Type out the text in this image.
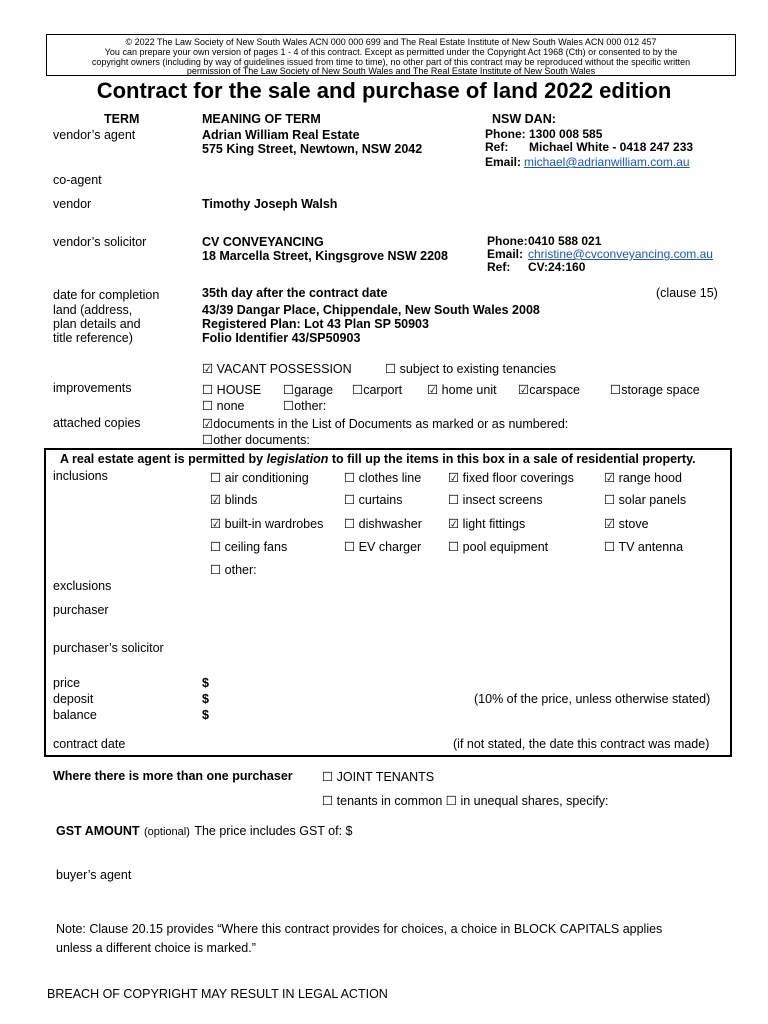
© 2022 The Law Society of New South Wales ACN 000 000 699 and The Real Estate Institute of New South Wales ACN 000 012 457
You can prepare your own version of pages 1 - 4 of this contract. Except as permitted under the Copyright Act 1968 (Cth) or consented to by the
copyright owners (including by way of guidelines issued from time to time), no other part of this contract may be reproduced without the specific written
permission of The Law Society of New South Wales and The Real Estate Institute of New South Wales
Contract for the sale and purchase of land 2022 edition
TERM	MEANING OF TERM	NSW DAN:
vendor’s agent	Adrian William Real Estate
575 King Street, Newtown, NSW 2042
Phone: 1300 008 585
Ref: Michael White - 0418 247 233
Email: michael@adrianwilliam.com.au
co-agent
vendor	Timothy Joseph Walsh
vendor’s solicitor	CV CONVEYANCING
18 Marcella Street, Kingsgrove NSW 2208
Phone: 0410 588 021
Email: christine@cvconveyancing.com.au
Ref: CV:24:160
date for completion	35th day after the contract date	(clause 15)
land (address,
plan details and
title reference)
43/39 Dangar Place, Chippendale, New South Wales 2008
Registered Plan: Lot 43 Plan SP 50903
Folio Identifier 43/SP50903
☑ VACANT POSSESSION	☐ subject to existing tenancies
improvements	☐ HOUSE ☐garage ☐carport ☑ home unit ☑carspace ☐storage space
☐ none	☐other:
attached copies	☑documents in the List of Documents as marked or as numbered:
☐other documents:
A real estate agent is permitted by legislation to fill up the items in this box in a sale of residential property.
inclusions	☐ air conditioning	☐ clothes line ☑ fixed floor coverings ☑ range hood
☑ blinds	☐ curtains	☐ insect screens	☐ solar panels
☑ built-in wardrobes ☐ dishwasher ☑ light fittings	☑ stove
☐ ceiling fans	☐ EV charger ☐ pool equipment	☐ TV antenna
☐ other:
exclusions
purchaser
purchaser’s solicitor
price	$
deposit	$	(10% of the price, unless otherwise stated)
balance	$
contract date	(if not stated, the date this contract was made)
Where there is more than one purchaser ☐ JOINT TENANTS
☐ tenants in common ☐ in unequal shares, specify:
GST AMOUNT (optional) The price includes GST of: $
buyer’s agent
Note: Clause 20.15 provides “Where this contract provides for choices, a choice in BLOCK CAPITALS applies
unless a different choice is marked.”
BREACH OF COPYRIGHT MAY RESULT IN LEGAL ACTION
